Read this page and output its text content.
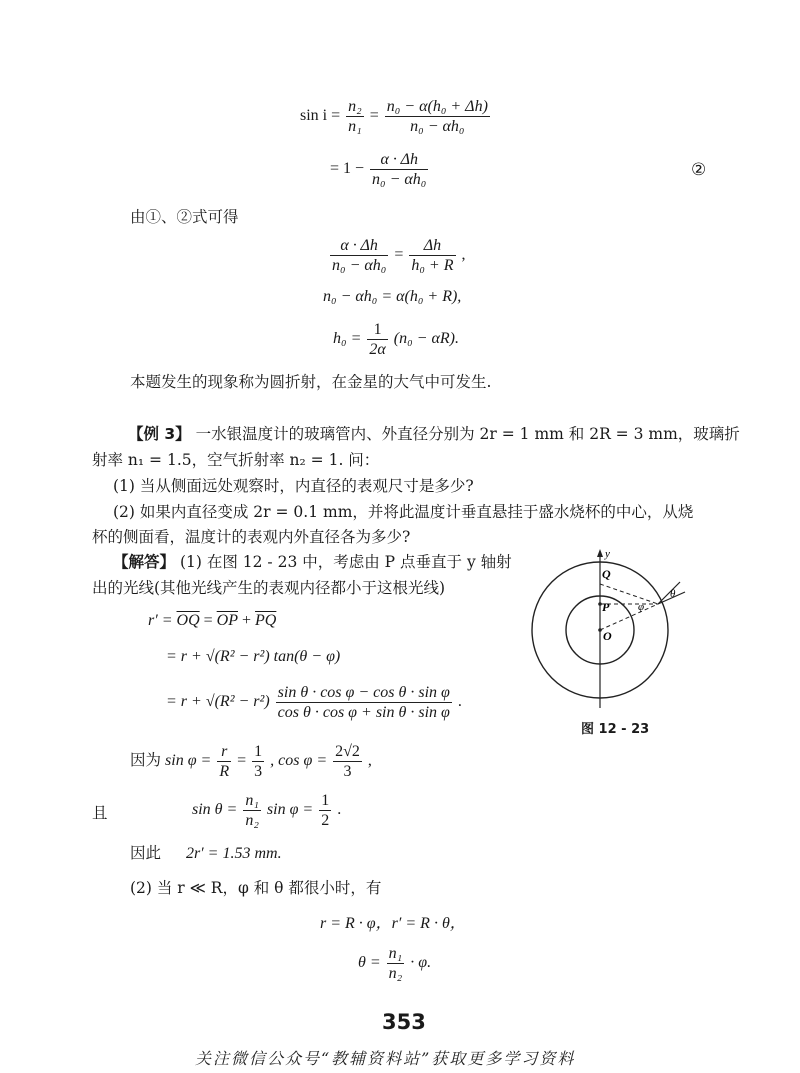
$\sin i = \frac{\text{n₂}}{\text{n₁}} = \frac{\text{n₀ − α(h₀ + Δh)}}{\text{n₀ − αh₀}}$
= $1 - \frac{\alpha \cdot \Delta h}{\text{n₀ − αh₀}}$	②
由①、②式可得
$\frac{\alpha \cdot \Delta h}{\text{n₀ − αh₀}} = \frac{\Delta h}{\text{h₀ + R}}$ ,
n₀ − αh₀ = α(h₀ + R),
$h_0 = \frac{1}{2\alpha} (n_0 - \alpha R)$.
本题发生的现象称为圆折射，在金星的大气中可发生.
【例 3】 一水银温度计的玻璃管内、外直径分别为 2r = 1 mm 和 2R = 3 mm，玻璃折
射率 n₁ = 1.5，空气折射率 n₂ = 1. 问：
(1) 当从侧面远处观察时，内直径的表观尺寸是多少?
(2) 如果内直径变成 2r = 0.1 mm，并将此温度计垂直悬挂于盛水烧杯的中心，从烧
杯的侧面看，温度计的表观内外直径各为多少?
【解答】 (1) 在图 12 - 23 中，考虑由 P 点垂直于 y 轴射
出的光线(其他光线产生的表观内径都小于这根光线)
$r' = \overline{OQ} = \overline{OP} + \overline{PQ}$
= r + √(R² − r²) tan(θ − φ)
= $r + √(R^2 - r^2) \frac{\text{sin θ · cos φ − cos θ · sin φ}}{\text{cos θ · cos φ + sin θ · sin φ}}$ .
y
Q
P
O
φ
θ
图 12 - 23
因为 $\sin \varphi = \frac{r}{R} = \frac{1}{3}$ , $\cos \varphi = \frac{2√2}{3}$ ,
且	$\sin \theta = \frac{\text{n₁}}{\text{n₂}}$ $\sin \varphi = \frac{1}{2}$ .
因此 2r′ = 1.53 mm.
(2) 当 r ≪ R，φ 和 θ 都很小时，有
r = R · φ，r′ = R · θ，
$\theta = \frac{\text{n₁}}{\text{n₂}} \cdot \varphi$.
353
关注微信公众号“教辅资料站”获取更多学习资料
